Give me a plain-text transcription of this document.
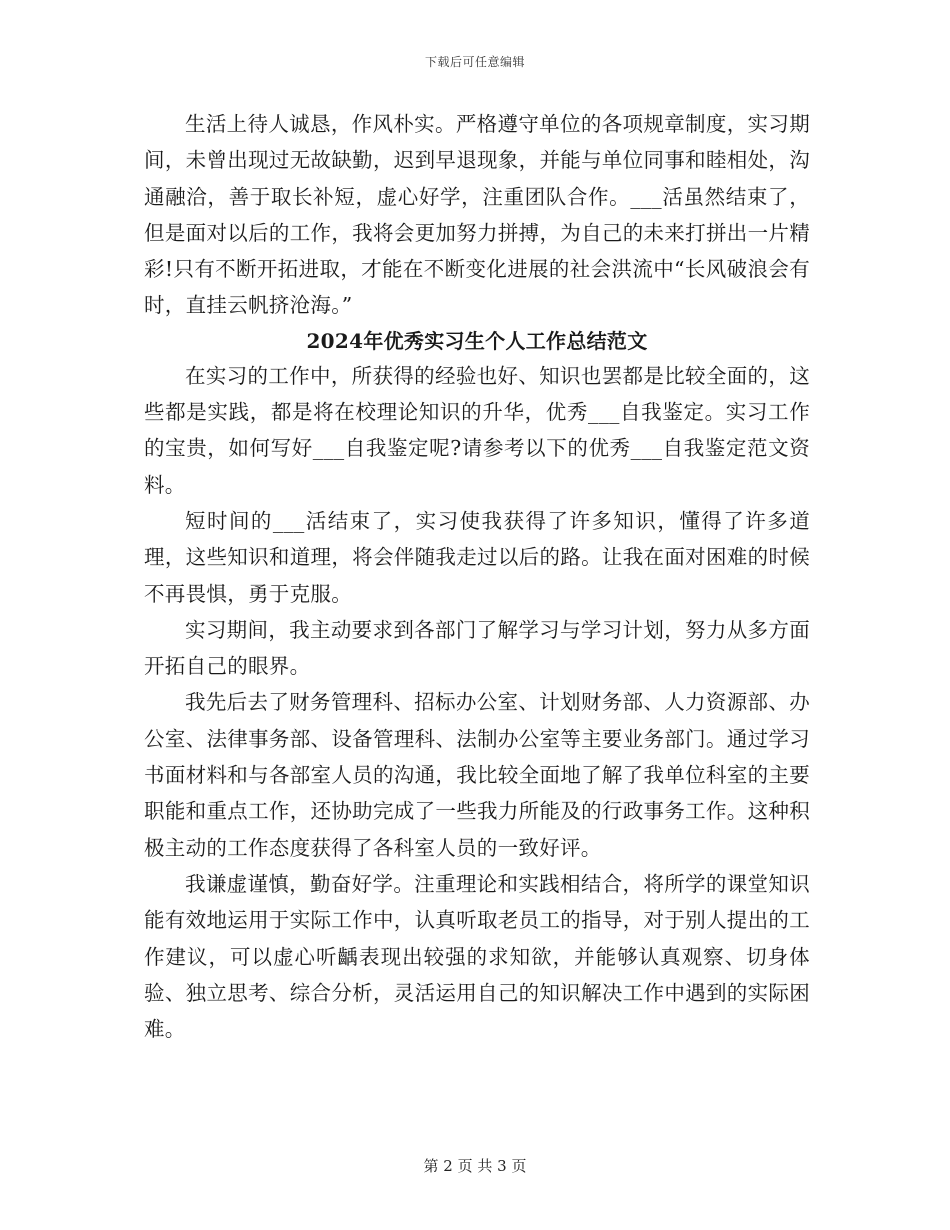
下载后可任意编辑

生活上待人诚恳，作风朴实。严格遵守单位的各项规章制度，实习期间，未曾出现过无故缺勤，迟到早退现象，并能与单位同事和睦相处，沟通融洽，善于取长补短，虚心好学，注重团队合作。___活虽然结束了，但是面对以后的工作，我将会更加努力拼搏，为自己的未来打拼出一片精彩!只有不断开拓进取，才能在不断变化进展的社会洪流中“长风破浪会有时，直挂云帆挤沧海。”

2024年优秀实习生个人工作总结范文

在实习的工作中，所获得的经验也好、知识也罢都是比较全面的，这些都是实践，都是将在校理论知识的升华，优秀___自我鉴定。实习工作的宝贵，如何写好___自我鉴定呢?请参考以下的优秀___自我鉴定范文资料。

短时间的___活结束了，实习使我获得了许多知识，懂得了许多道理，这些知识和道理，将会伴随我走过以后的路。让我在面对困难的时候不再畏惧，勇于克服。

实习期间，我主动要求到各部门了解学习与学习计划，努力从多方面开拓自己的眼界。

我先后去了财务管理科、招标办公室、计划财务部、人力资源部、办公室、法律事务部、设备管理科、法制办公室等主要业务部门。通过学习书面材料和与各部室人员的沟通，我比较全面地了解了我单位科室的主要职能和重点工作，还协助完成了一些我力所能及的行政事务工作。这种积极主动的工作态度获得了各科室人员的一致好评。

我谦虚谨慎，勤奋好学。注重理论和实践相结合，将所学的课堂知识能有效地运用于实际工作中，认真听取老员工的指导，对于别人提出的工作建议，可以虚心听齲表现出较强的求知欲，并能够认真观察、切身体验、独立思考、综合分析，灵活运用自己的知识解决工作中遇到的实际困难。

第 2 页 共 3 页
